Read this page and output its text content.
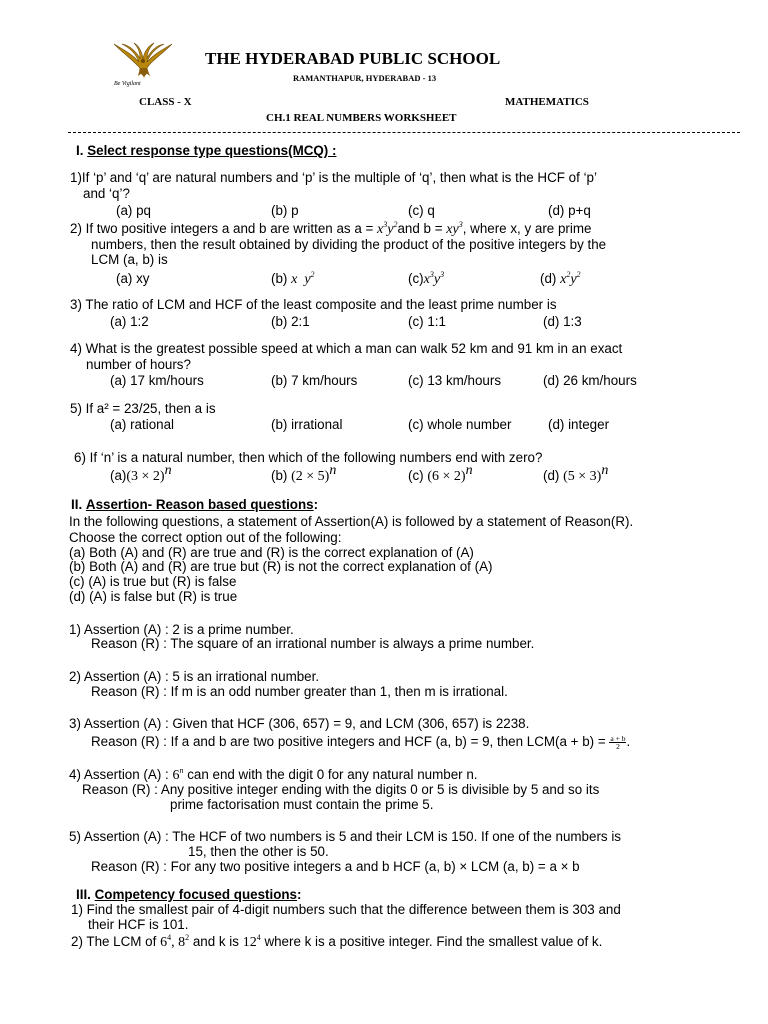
Be Vigilant
THE HYDERABAD PUBLIC SCHOOL
RAMANTHAPUR, HYDERABAD - 13
CLASS - X	MATHEMATICS
CH.1 REAL NUMBERS WORKSHEET
I. Select response type questions(MCQ) :
1)If ‘p’ and ‘q’ are natural numbers and ‘p’ is the multiple of ‘q’, then what is the HCF of ‘p’
and ‘q’?
(a) pq	(b) p	(c) q	(d) p+q
2) If two positive integers a and b are written as $a = x^3y^2and$ $b = xy^3$, where x, y are prime
numbers, then the result obtained by dividing the product of the positive integers by the
LCM (a, b) is
(a) xy	(b) x  $y^2$	$(c)x^3y^3$	(d) $x^2y^2$
3) The ratio of LCM and HCF of the least composite and the least prime number is
(a) 1:2	(b) 2:1	(c) 1:1	(d) 1:3
4) What is the greatest possible speed at which a man can walk 52 km and 91 km in an exact
number of hours?
(a) 17 km/hours	(b) 7 km/hours	(c) 13 km/hours	(d) 26 km/hours
5) If a² = 23/25, then a is
(a) rational	(b) irrational	(c) whole number	(d) integer
6) If ‘n’ is a natural number, then which of the following numbers end with zero?
$(a)(3 \times 2)^n$	(b) $(2 \times 5)^n$	(c) $(6 \times 2)^n$	(d) $(5 \times 3)^n$
II. Assertion- Reason based questions:
In the following questions, a statement of Assertion(A) is followed by a statement of Reason(R).
Choose the correct option out of the following:
(a) Both (A) and (R) are true and (R) is the correct explanation of (A)
(b) Both (A) and (R) are true but (R) is not the correct explanation of (A)
(c) (A) is true but (R) is false
(d) (A) is false but (R) is true
1) Assertion (A) : 2 is a prime number.
Reason (R) : The square of an irrational number is always a prime number.
2) Assertion (A) : 5 is an irrational number.
Reason (R) : If m is an odd number greater than 1, then m is irrational.
3) Assertion (A) : Given that HCF (306, 657) = 9, and LCM (306, 657) is 2238.
Reason (R) : If a and b are two positive integers and HCF (a, b) = 9, then $LCM(a + b) = \frac{a + b}{2}$ .
4) Assertion (A) : 6$^n$ can end with the digit 0 for any natural number n.
Reason (R) : Any positive integer ending with the digits 0 or 5 is divisible by 5 and so its
prime factorisation must contain the prime 5.
5) Assertion (A) : The HCF of two numbers is 5 and their LCM is 150. If one of the numbers is
15, then the other is 50.
Reason (R) : For any two positive integers a and b HCF (a, b) × LCM (a, b) = a × b
III. Competency focused questions:
1) Find the smallest pair of 4-digit numbers such that the difference between them is 303 and
their HCF is 101.
2) The LCM of $6^4$, $8^2$ and k is $12^4$ where k is a positive integer. Find the smallest value of k.
